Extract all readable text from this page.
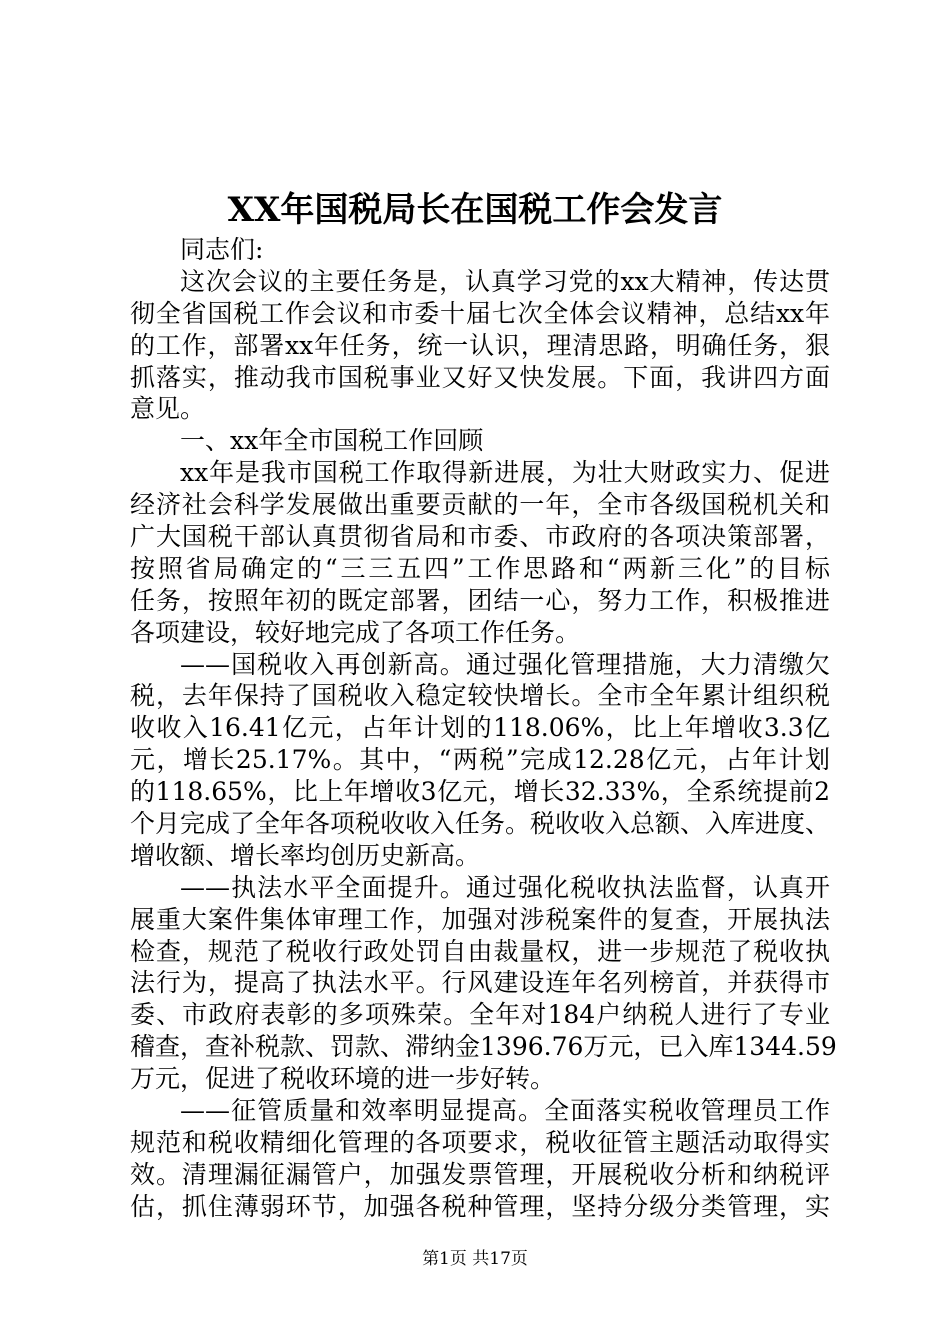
XX年国税局长在国税工作会发言
同志们:
这次会议的主要任务是，认真学习党的xx大精神，传达贯
彻全省国税工作会议和市委十届七次全体会议精神，总结xx年
的工作，部署xx年任务，统一认识，理清思路，明确任务，狠
抓落实，推动我市国税事业又好又快发展。下面，我讲四方面
意见。
一、xx年全市国税工作回顾
xx年是我市国税工作取得新进展，为壮大财政实力、促进
经济社会科学发展做出重要贡献的一年，全市各级国税机关和
广大国税干部认真贯彻省局和市委、市政府的各项决策部署，
按照省局确定的“三三五四”工作思路和“两新三化”的目标
任务，按照年初的既定部署，团结一心，努力工作，积极推进
各项建设，较好地完成了各项工作任务。
——国税收入再创新高。通过强化管理措施，大力清缴欠
税，去年保持了国税收入稳定较快增长。全市全年累计组织税
收收入16.41亿元，占年计划的118.06%，比上年增收3.3亿
元，增长25.17%。其中，“两税”完成12.28亿元，占年计划
的118.65%，比上年增收3亿元，增长32.33%，全系统提前2
个月完成了全年各项税收收入任务。税收收入总额、入库进度、
增收额、增长率均创历史新高。
——执法水平全面提升。通过强化税收执法监督，认真开
展重大案件集体审理工作，加强对涉税案件的复查，开展执法
检查，规范了税收行政处罚自由裁量权，进一步规范了税收执
法行为，提高了执法水平。行风建设连年名列榜首，并获得市
委、市政府表彰的多项殊荣。全年对184户纳税人进行了专业
稽查，查补税款、罚款、滞纳金1396.76万元，已入库1344.59
万元，促进了税收环境的进一步好转。
——征管质量和效率明显提高。全面落实税收管理员工作
规范和税收精细化管理的各项要求，税收征管主题活动取得实
效。清理漏征漏管户，加强发票管理，开展税收分析和纳税评
估，抓住薄弱环节，加强各税种管理，坚持分级分类管理，实
第1页 共17页
